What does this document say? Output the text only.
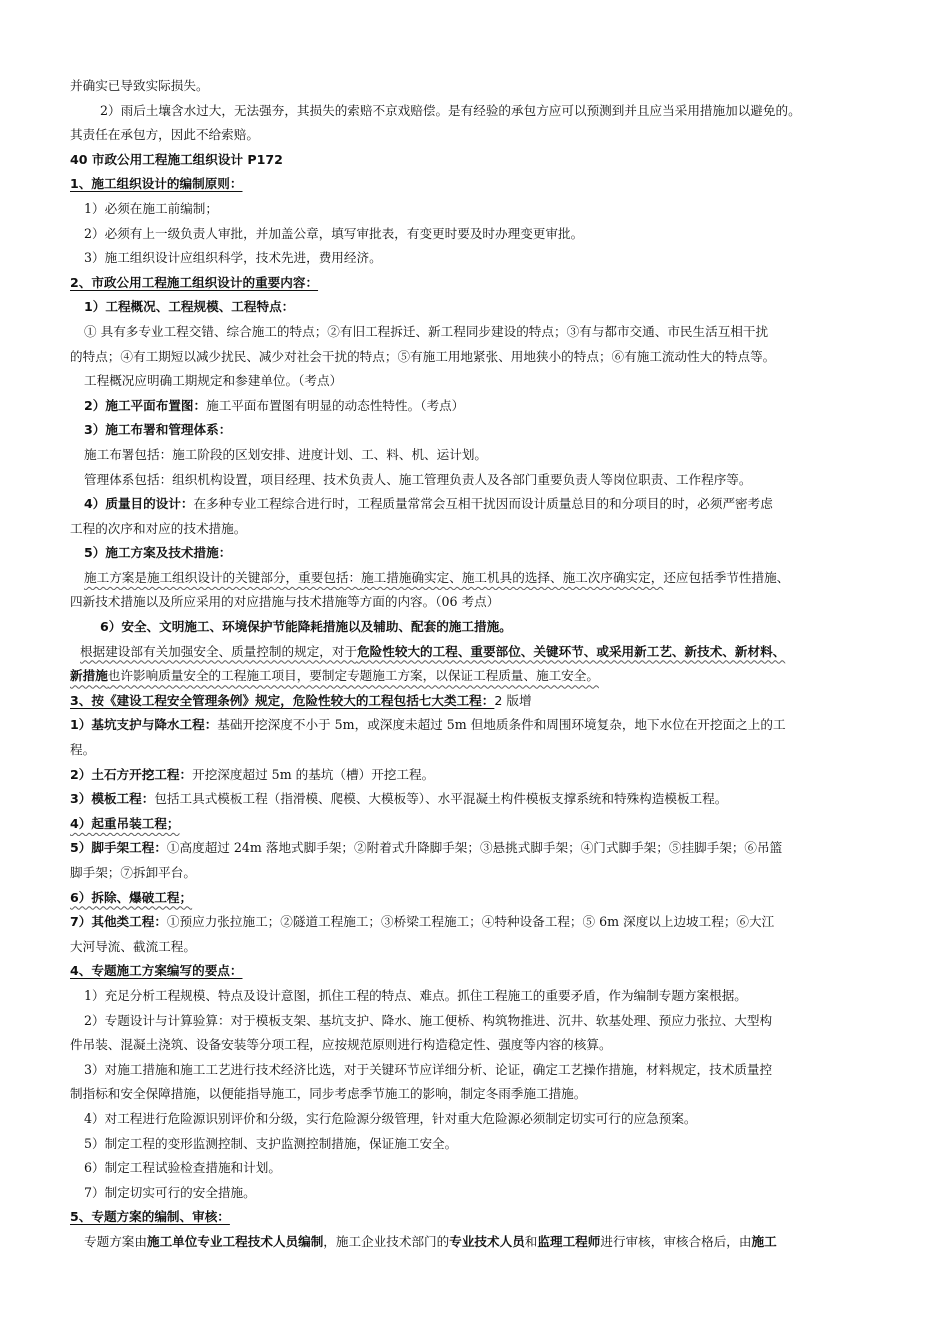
并确实已导致实际损失。
2）雨后土壤含水过大，无法强夯，其损失的索赔不京戏赔偿。是有经验的承包方应可以预测到并且应当采用措施加以避免的。
其责任在承包方，因此不给索赔。
40 市政公用工程施工组织设计 P172
1、施工组织设计的编制原则：
1）必须在施工前编制；
2）必须有上一级负责人审批，并加盖公章，填写审批表，有变更时要及时办理变更审批。
3）施工组织设计应组织科学，技术先进，费用经济。
2、市政公用工程施工组织设计的重要内容：
1）工程概况、工程规模、工程特点：
① 具有多专业工程交错、综合施工的特点；②有旧工程拆迁、新工程同步建设的特点；③有与都市交通、市民生活互相干扰
的特点；④有工期短以减少扰民、减少对社会干扰的特点；⑤有施工用地紧张、用地狭小的特点；⑥有施工流动性大的特点等。
工程概况应明确工期规定和参建单位。（考点）
2）施工平面布置图：施工平面布置图有明显的动态性特性。（考点）
3）施工布署和管理体系：
施工布署包括：施工阶段的区划安排、进度计划、工、料、机、运计划。
管理体系包括：组织机构设置，项目经理、技术负责人、施工管理负责人及各部门重要负责人等岗位职责、工作程序等。
4）质量目的设计：在多种专业工程综合进行时，工程质量常常会互相干扰因而设计质量总目的和分项目的时，必须严密考虑
工程的次序和对应的技术措施。
5）施工方案及技术措施：
施工方案是施工组织设计的关键部分，重要包括：施工措施确实定、施工机具的选择、施工次序确实定，还应包括季节性措施、
四新技术措施以及所应采用的对应措施与技术措施等方面的内容。（06 考点）
6）安全、文明施工、环境保护节能降耗措施以及辅助、配套的施工措施。
根据建设部有关加强安全、质量控制的规定，对于危险性较大的工程、重要部位、关键环节、或采用新工艺、新技术、新材料、
新措施也许影响质量安全的工程施工项目，要制定专题施工方案，以保证工程质量、施工安全。
3、按《建设工程安全管理条例》规定，危险性较大的工程包括七大类工程：2 版增
1）基坑支护与降水工程：基础开挖深度不小于 5m，或深度未超过 5m 但地质条件和周围环境复杂，地下水位在开挖面之上的工
程。
2）土石方开挖工程：开挖深度超过 5m 的基坑（槽）开挖工程。
3）模板工程：包括工具式模板工程（指滑模、爬模、大模板等）、水平混凝土构件模板支撑系统和特殊构造模板工程。
4）起重吊装工程；
5）脚手架工程：①高度超过 24m 落地式脚手架；②附着式升降脚手架；③悬挑式脚手架；④门式脚手架；⑤挂脚手架；⑥吊篮
脚手架；⑦拆卸平台。
6）拆除、爆破工程；
7）其他类工程：①预应力张拉施工；②隧道工程施工；③桥梁工程施工；④特种设备工程；⑤ 6m 深度以上边坡工程；⑥大江
大河导流、截流工程。
4、专题施工方案编写的要点：
1）充足分析工程规模、特点及设计意图，抓住工程的特点、难点。抓住工程施工的重要矛盾，作为编制专题方案根据。
2）专题设计与计算验算：对于模板支架、基坑支护、降水、施工便桥、构筑物推进、沉井、软基处理、预应力张拉、大型构
件吊装、混凝土浇筑、设备安装等分项工程，应按规范原则进行构造稳定性、强度等内容的核算。
3）对施工措施和施工工艺进行技术经济比选，对于关键环节应详细分析、论证，确定工艺操作措施，材料规定，技术质量控
制指标和安全保障措施，以便能指导施工，同步考虑季节施工的影响，制定冬雨季施工措施。
4）对工程进行危险源识别评价和分级，实行危险源分级管理，针对重大危险源必须制定切实可行的应急预案。
5）制定工程的变形监测控制、支护监测控制措施，保证施工安全。
6）制定工程试验检查措施和计划。
7）制定切实可行的安全措施。
5、专题方案的编制、审核：
专题方案由施工单位专业工程技术人员编制，施工企业技术部门的专业技术人员和监理工程师进行审核，审核合格后，由施工
